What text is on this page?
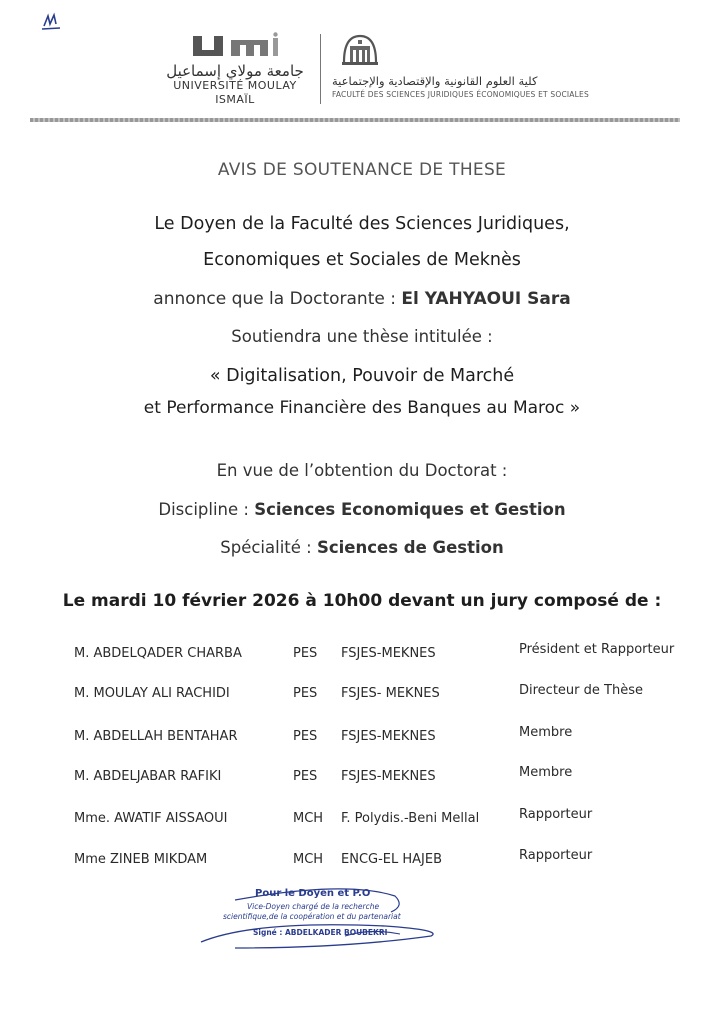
جامعة مولاي إسماعيل
UNIVERSITÉ MOULAY ISMAÏL
كلية العلوم القانونية والإقتصادية والإجتماعية
FACULTÉ DES SCIENCES JURIDIQUES ÉCONOMIQUES ET SOCIALES
AVIS DE SOUTENANCE DE THESE
Le Doyen de la Faculté des Sciences Juridiques,
Economiques et Sociales de Meknès
annonce que la Doctorante : El YAHYAOUI Sara
Soutiendra une thèse intitulée :
« Digitalisation, Pouvoir de Marché
et Performance Financière des Banques au Maroc »
En vue de l’obtention du Doctorat :
Discipline : Sciences Economiques et Gestion
Spécialité : Sciences de Gestion
Le mardi 10 février 2026 à 10h00 devant un jury composé de :
M. ABDELQADER CHARBA	PES FSJES-MEKNES	Président et Rapporteur
M. MOULAY ALI RACHIDI	PES FSJES- MEKNES	Directeur de Thèse
M. ABDELLAH BENTAHAR	PES FSJES-MEKNES	Membre
M. ABDELJABAR RAFIKI	PES FSJES-MEKNES	Membre
Mme. AWATIF AISSAOUI	MCH F. Polydis.-Beni Mellal	Rapporteur
Mme ZINEB MIKDAM	MCH ENCG-EL HAJEB	Rapporteur
Pour le Doyen et P.O
Vice-Doyen chargé de la recherche
scientifique,de la coopération et du partenariat
Signé : ABDELKADER BOUBEKRI
